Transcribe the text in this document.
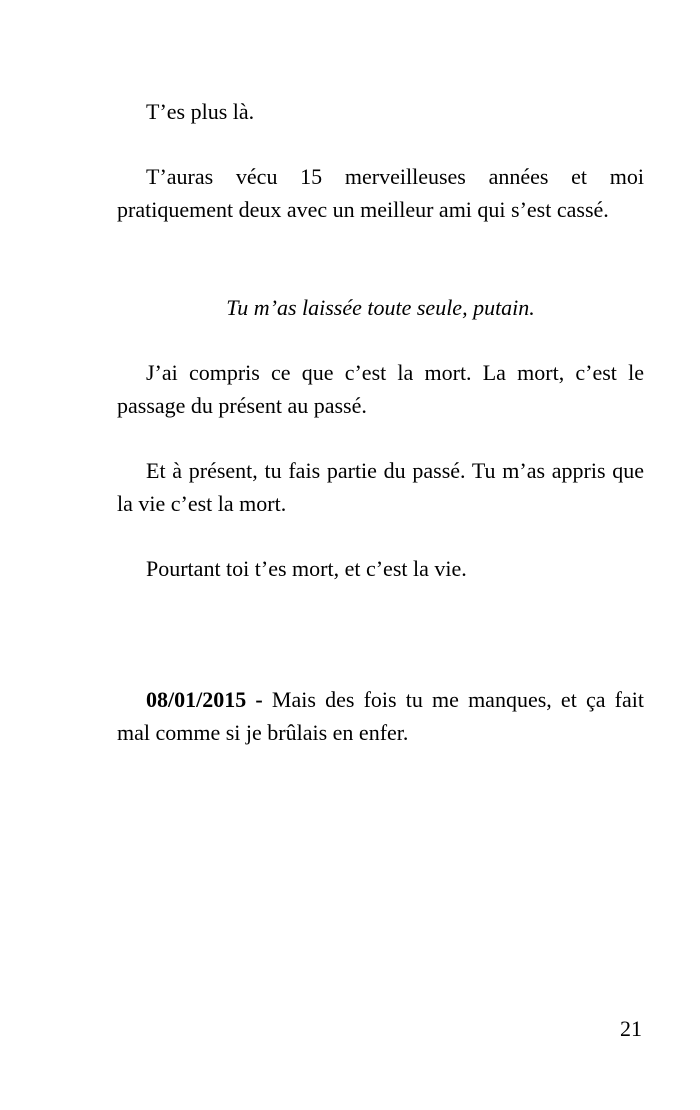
T’es plus là.

T’auras vécu 15 merveilleuses années et moi pratiquement deux avec un meilleur ami qui s’est cassé.

Tu m’as laissée toute seule, putain.

J’ai compris ce que c’est la mort. La mort, c’est le passage du présent au passé.

Et à présent, tu fais partie du passé. Tu m’as appris que la vie c’est la mort.

Pourtant toi t’es mort, et c’est la vie.

08/01/2015 - Mais des fois tu me manques, et ça fait mal comme si je brûlais en enfer.

21
